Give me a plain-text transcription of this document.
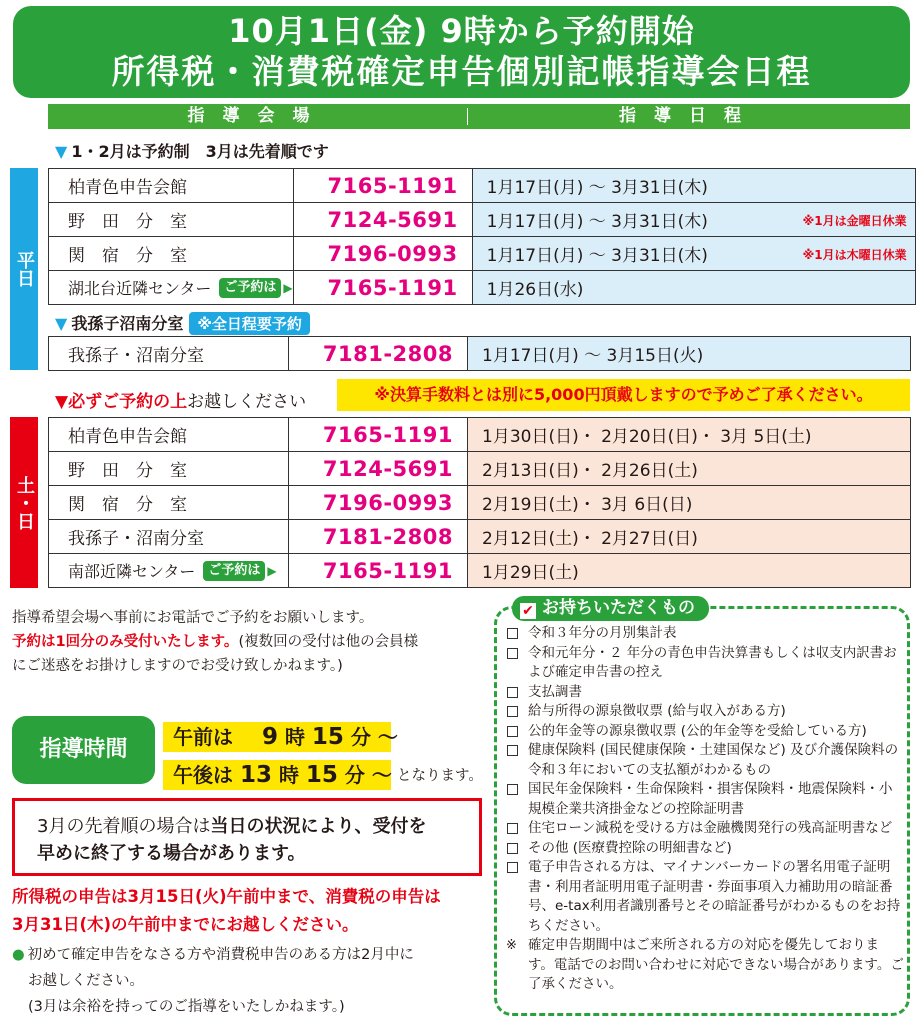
10月1日(金) 9時から予約開始
所得税・消費税確定申告個別記帳指導会日程
指導会場	指導日程
平日
▼ 1・2月は予約制　3月は先着順です
柏青色申告会館	7165-1191	1月17日(月) 〜 3月31日(木)
野　田　分　室	7124-5691	1月17日(月) 〜 3月31日(木) ※1月は金曜日休業

関　宿　分　室	7196-0993	1月17日(月) 〜 3月31日(木) ※1月は木曜日休業

湖北台近隣センター ご予約は ▶	7165-1191	1月26日(水)
▼ 我孫子沼南分室 ※全日程要予約
我孫子・沼南分室	7181-2808	1月17日(月) 〜 3月15日(火)
▼必ずご予約の上お越しください	※決算手数料とは別に5,000円頂戴しますので予めご了承ください。
土・日
柏青色申告会館	7165-1191	1月30日(日)・ 2月20日(日)・ 3月 5日(土)
野　田　分　室	7124-5691	2月13日(日)・ 2月26日(土)
関　宿　分　室	7196-0993	2月19日(土)・ 3月 6日(日)
我孫子・沼南分室	7181-2808	2月12日(土)・ 2月27日(日)

南部近隣センター ご予約は ▶	7165-1191	1月29日(土)
指導希望会場へ事前にお電話でご予約をお願いします。
予約は1回分のみ受付いたします。(複数回の受付は他の会員様
にご迷惑をお掛けしますのでお受け致しかねます。)
指導時間	午前は 9 時 15 分 〜
午後は 13 時 15 分 〜 となります。
3月の先着順の場合は当日の状況により、受付を
早めに終了する場合があります。
所得税の申告は3月15日(火)午前中まで、消費税の申告は
3月31日(木)の午前中までにお越しください。
● 初めて確定申告をなさる方や消費税申告のある方は2月中に
お越しください。
(3月は余裕を持ってのご指導をいたしかねます。)
✔ お持ちいただくもの
令和３年分の月別集計表
令和元年分・２ 年分の青色申告決算書もしくは収支内訳書および確定申告書の控え
支払調書
給与所得の源泉徴収票 (給与収入がある方)
公的年金等の源泉徴収票 (公的年金等を受給している方)
健康保険料 (国民健康保険・土建国保など) 及び介護保険料の令和３年においての支払額がわかるもの
国民年金保険料・生命保険料・損害保険料・地震保険料・小規模企業共済掛金などの控除証明書
住宅ローン減税を受ける方は金融機関発行の残高証明書など
その他 (医療費控除の明細書など)
電子申告される方は、マイナンバーカードの署名用電子証明書・利用者証明用電子証明書・券面事項入力補助用の暗証番号、e-tax利用者識別番号とその暗証番号がわかるものをお持ちください。
※ 確定申告期間中はご来所される方の対応を優先しております。電話でのお問い合わせに対応できない場合があります。ご了承ください。
